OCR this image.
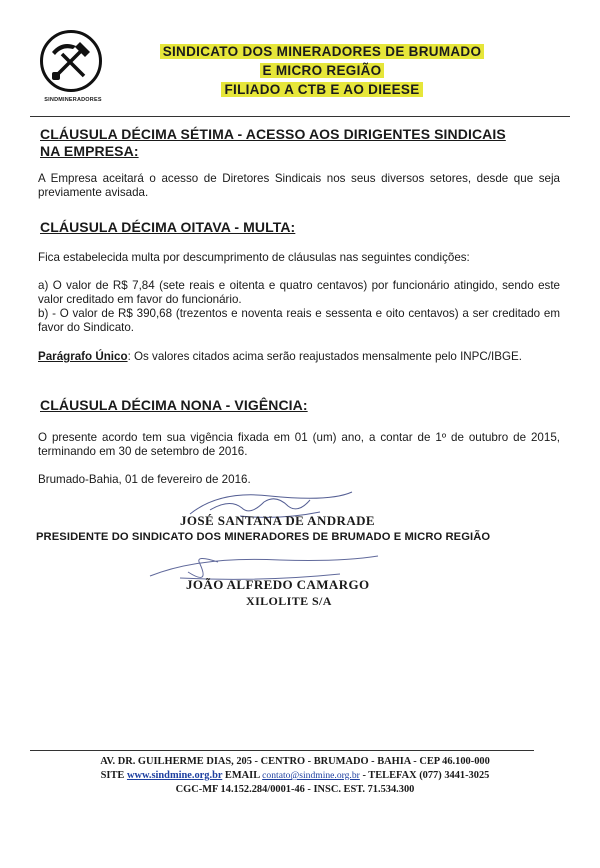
SINDMINERADORES
SINDICATO DOS MINERADORES DE BRUMADO
E MICRO REGIÃO
FILIADO A CTB E AO DIEESE
CLÁUSULA DÉCIMA SÉTIMA - ACESSO AOS DIRIGENTES SINDICAIS
NA EMPRESA:
A Empresa aceitará o acesso de Diretores Sindicais nos seus diversos setores, desde que seja previamente avisada.
CLÁUSULA DÉCIMA OITAVA - MULTA:
Fica estabelecida multa por descumprimento de cláusulas nas seguintes condições:
a) O valor de R$ 7,84 (sete reais e oitenta e quatro centavos) por funcionário atingido, sendo este valor creditado em favor do funcionário.
b) - O valor de R$ 390,68 (trezentos e noventa reais e sessenta e oito centavos) a ser creditado em favor do Sindicato.
Parágrafo Único: Os valores citados acima serão reajustados mensalmente pelo INPC/IBGE.
CLÁUSULA DÉCIMA NONA - VIGÊNCIA:
O presente acordo tem sua vigência fixada em 01 (um) ano, a contar de 1º de outubro de 2015, terminando em 30 de setembro de 2016.
Brumado-Bahia, 01 de fevereiro de 2016.
JOSÉ SANTANA DE ANDRADE
PRESIDENTE DO SINDICATO DOS MINERADORES DE BRUMADO E MICRO REGIÃO
JOÃO ALFREDO CAMARGO
XILOLITE S/A
AV. DR. GUILHERME DIAS, 205 - CENTRO - BRUMADO - BAHIA - CEP 46.100-000
SITE www.sindmine.org.br EMAIL contato@sindmine.org.br - TELEFAX (077) 3441-3025
CGC-MF 14.152.284/0001-46 - INSC. EST. 71.534.300
